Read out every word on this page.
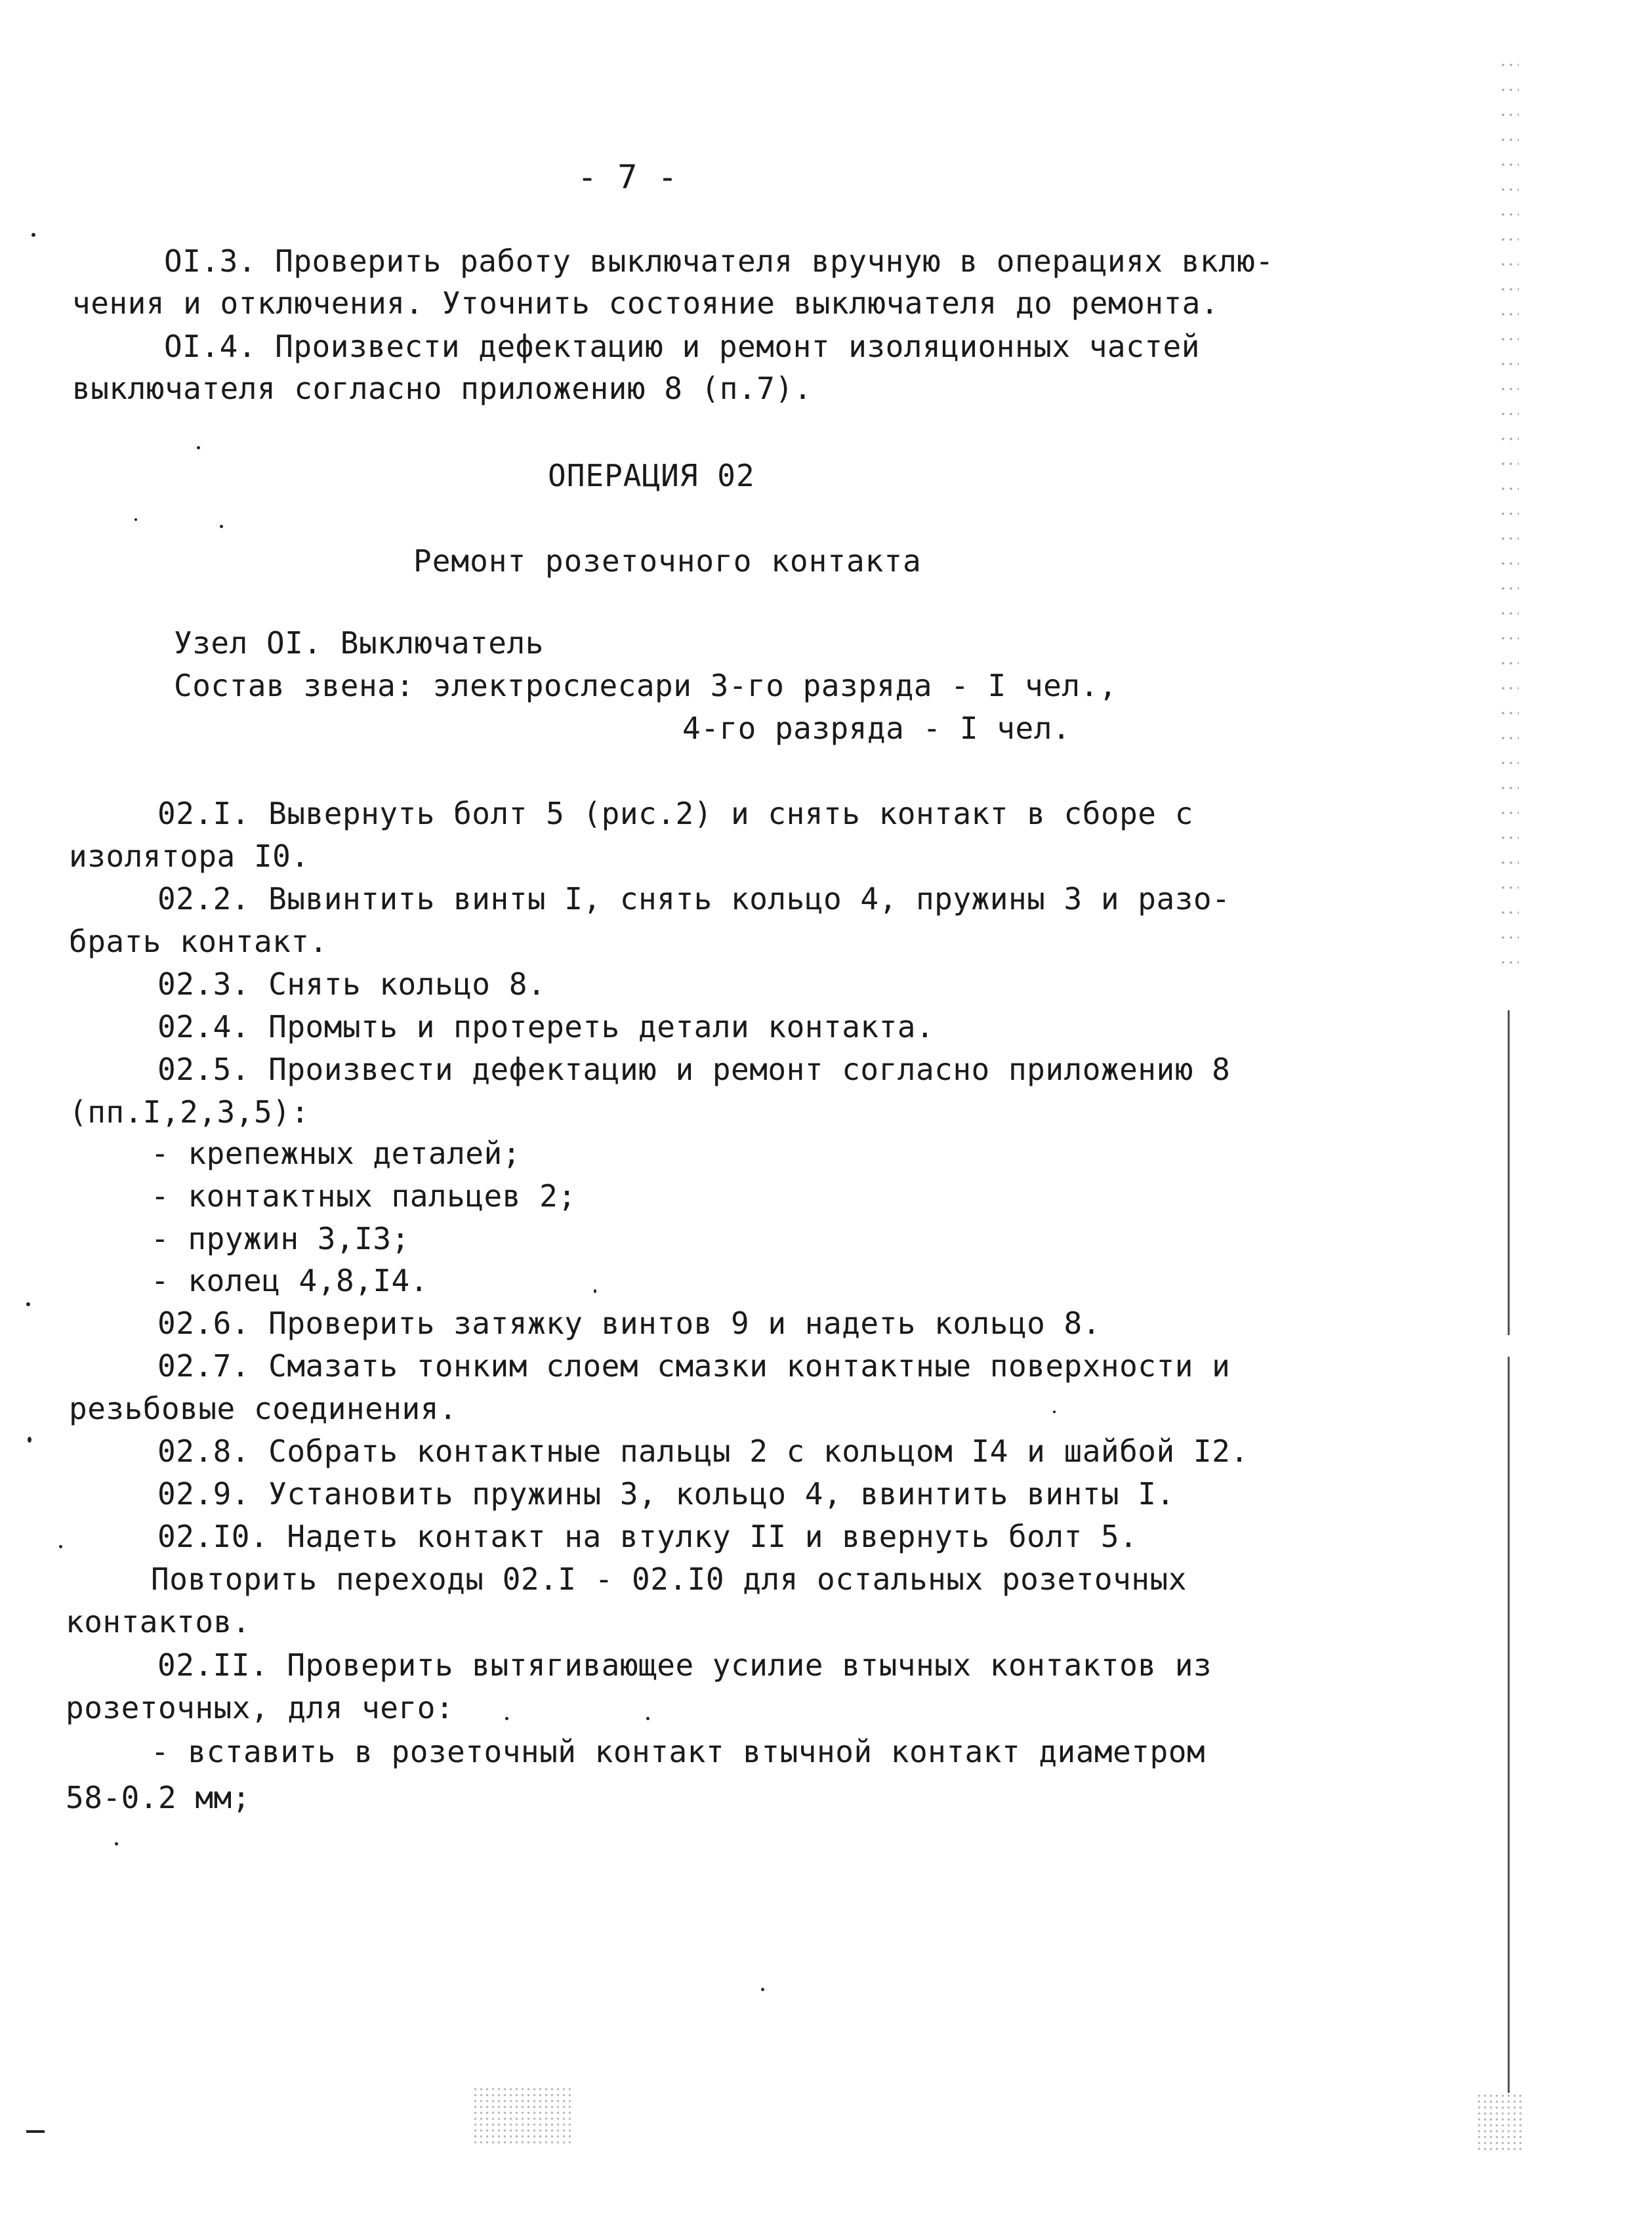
- 7 -
OI.3. Проверить работу выключателя вручную в операциях вклю-
чения и отключения. Уточнить состояние выключателя до ремонта.
OI.4. Произвести дефектацию и ремонт изоляционных частей
выключателя согласно приложению 8 (п.7).
ОПЕРАЦИЯ 02
Ремонт розеточного контакта
Узел OI. Выключатель
Состав звена: электрослесари 3-го разряда - I чел.,
4-го разряда - I чел.
02.I. Вывернуть болт 5 (рис.2) и снять контакт в сборе с
изолятора I0.
02.2. Вывинтить винты I, снять кольцо 4, пружины 3 и разо-
брать контакт.
02.3. Снять кольцо 8.
02.4. Промыть и протереть детали контакта.
02.5. Произвести дефектацию и ремонт согласно приложению 8
(пп.I,2,3,5):
- крепежных деталей;
- контактных пальцев 2;
- пружин 3,I3;
- колец 4,8,I4.
02.6. Проверить затяжку винтов 9 и надеть кольцо 8.
02.7. Смазать тонким слоем смазки контактные поверхности и
резьбовые соединения.
02.8. Собрать контактные пальцы 2 с кольцом I4 и шайбой I2.
02.9. Установить пружины 3, кольцо 4, ввинтить винты I.
02.I0. Надеть контакт на втулку II и ввернуть болт 5.
Повторить переходы 02.I - 02.I0 для остальных розеточных
контактов.
02.II. Проверить вытягивающее усилие втычных контактов из
розеточных, для чего:
- вставить в розеточный контакт втычной контакт диаметром
58-0.2 мм;
